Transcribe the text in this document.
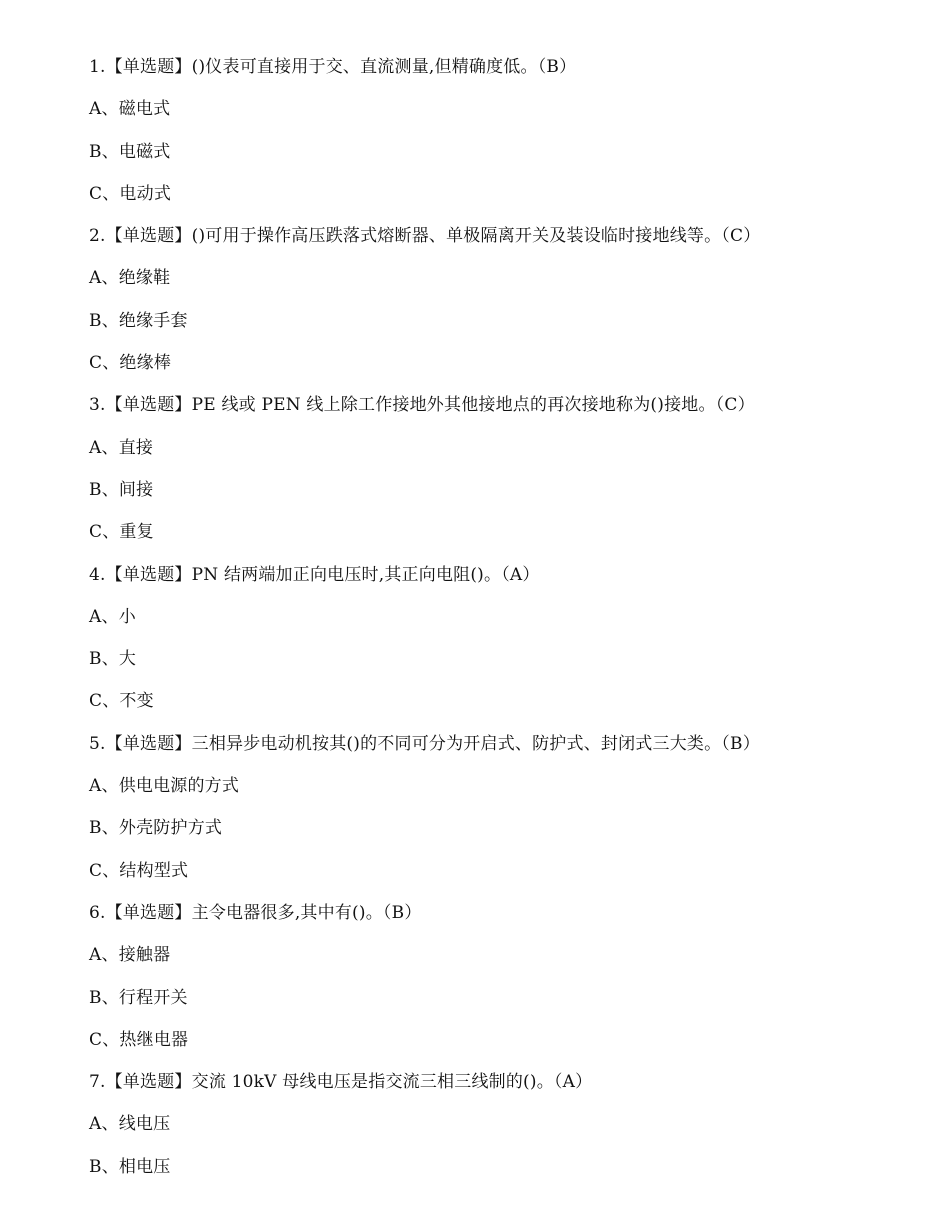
1.【单选题】()仪表可直接用于交、直流测量,但精确度低。（B）
A、磁电式
B、电磁式
C、电动式
2.【单选题】()可用于操作高压跌落式熔断器、单极隔离开关及装设临时接地线等。（C）
A、绝缘鞋
B、绝缘手套
C、绝缘棒
3.【单选题】PE 线或 PEN 线上除工作接地外其他接地点的再次接地称为()接地。（C）
A、直接
B、间接
C、重复
4.【单选题】PN 结两端加正向电压时,其正向电阻()。（A）
A、小
B、大
C、不变
5.【单选题】三相异步电动机按其()的不同可分为开启式、防护式、封闭式三大类。（B）
A、供电电源的方式
B、外壳防护方式
C、结构型式
6.【单选题】主令电器很多,其中有()。（B）
A、接触器
B、行程开关
C、热继电器
7.【单选题】交流 10kV 母线电压是指交流三相三线制的()。（A）
A、线电压
B、相电压
